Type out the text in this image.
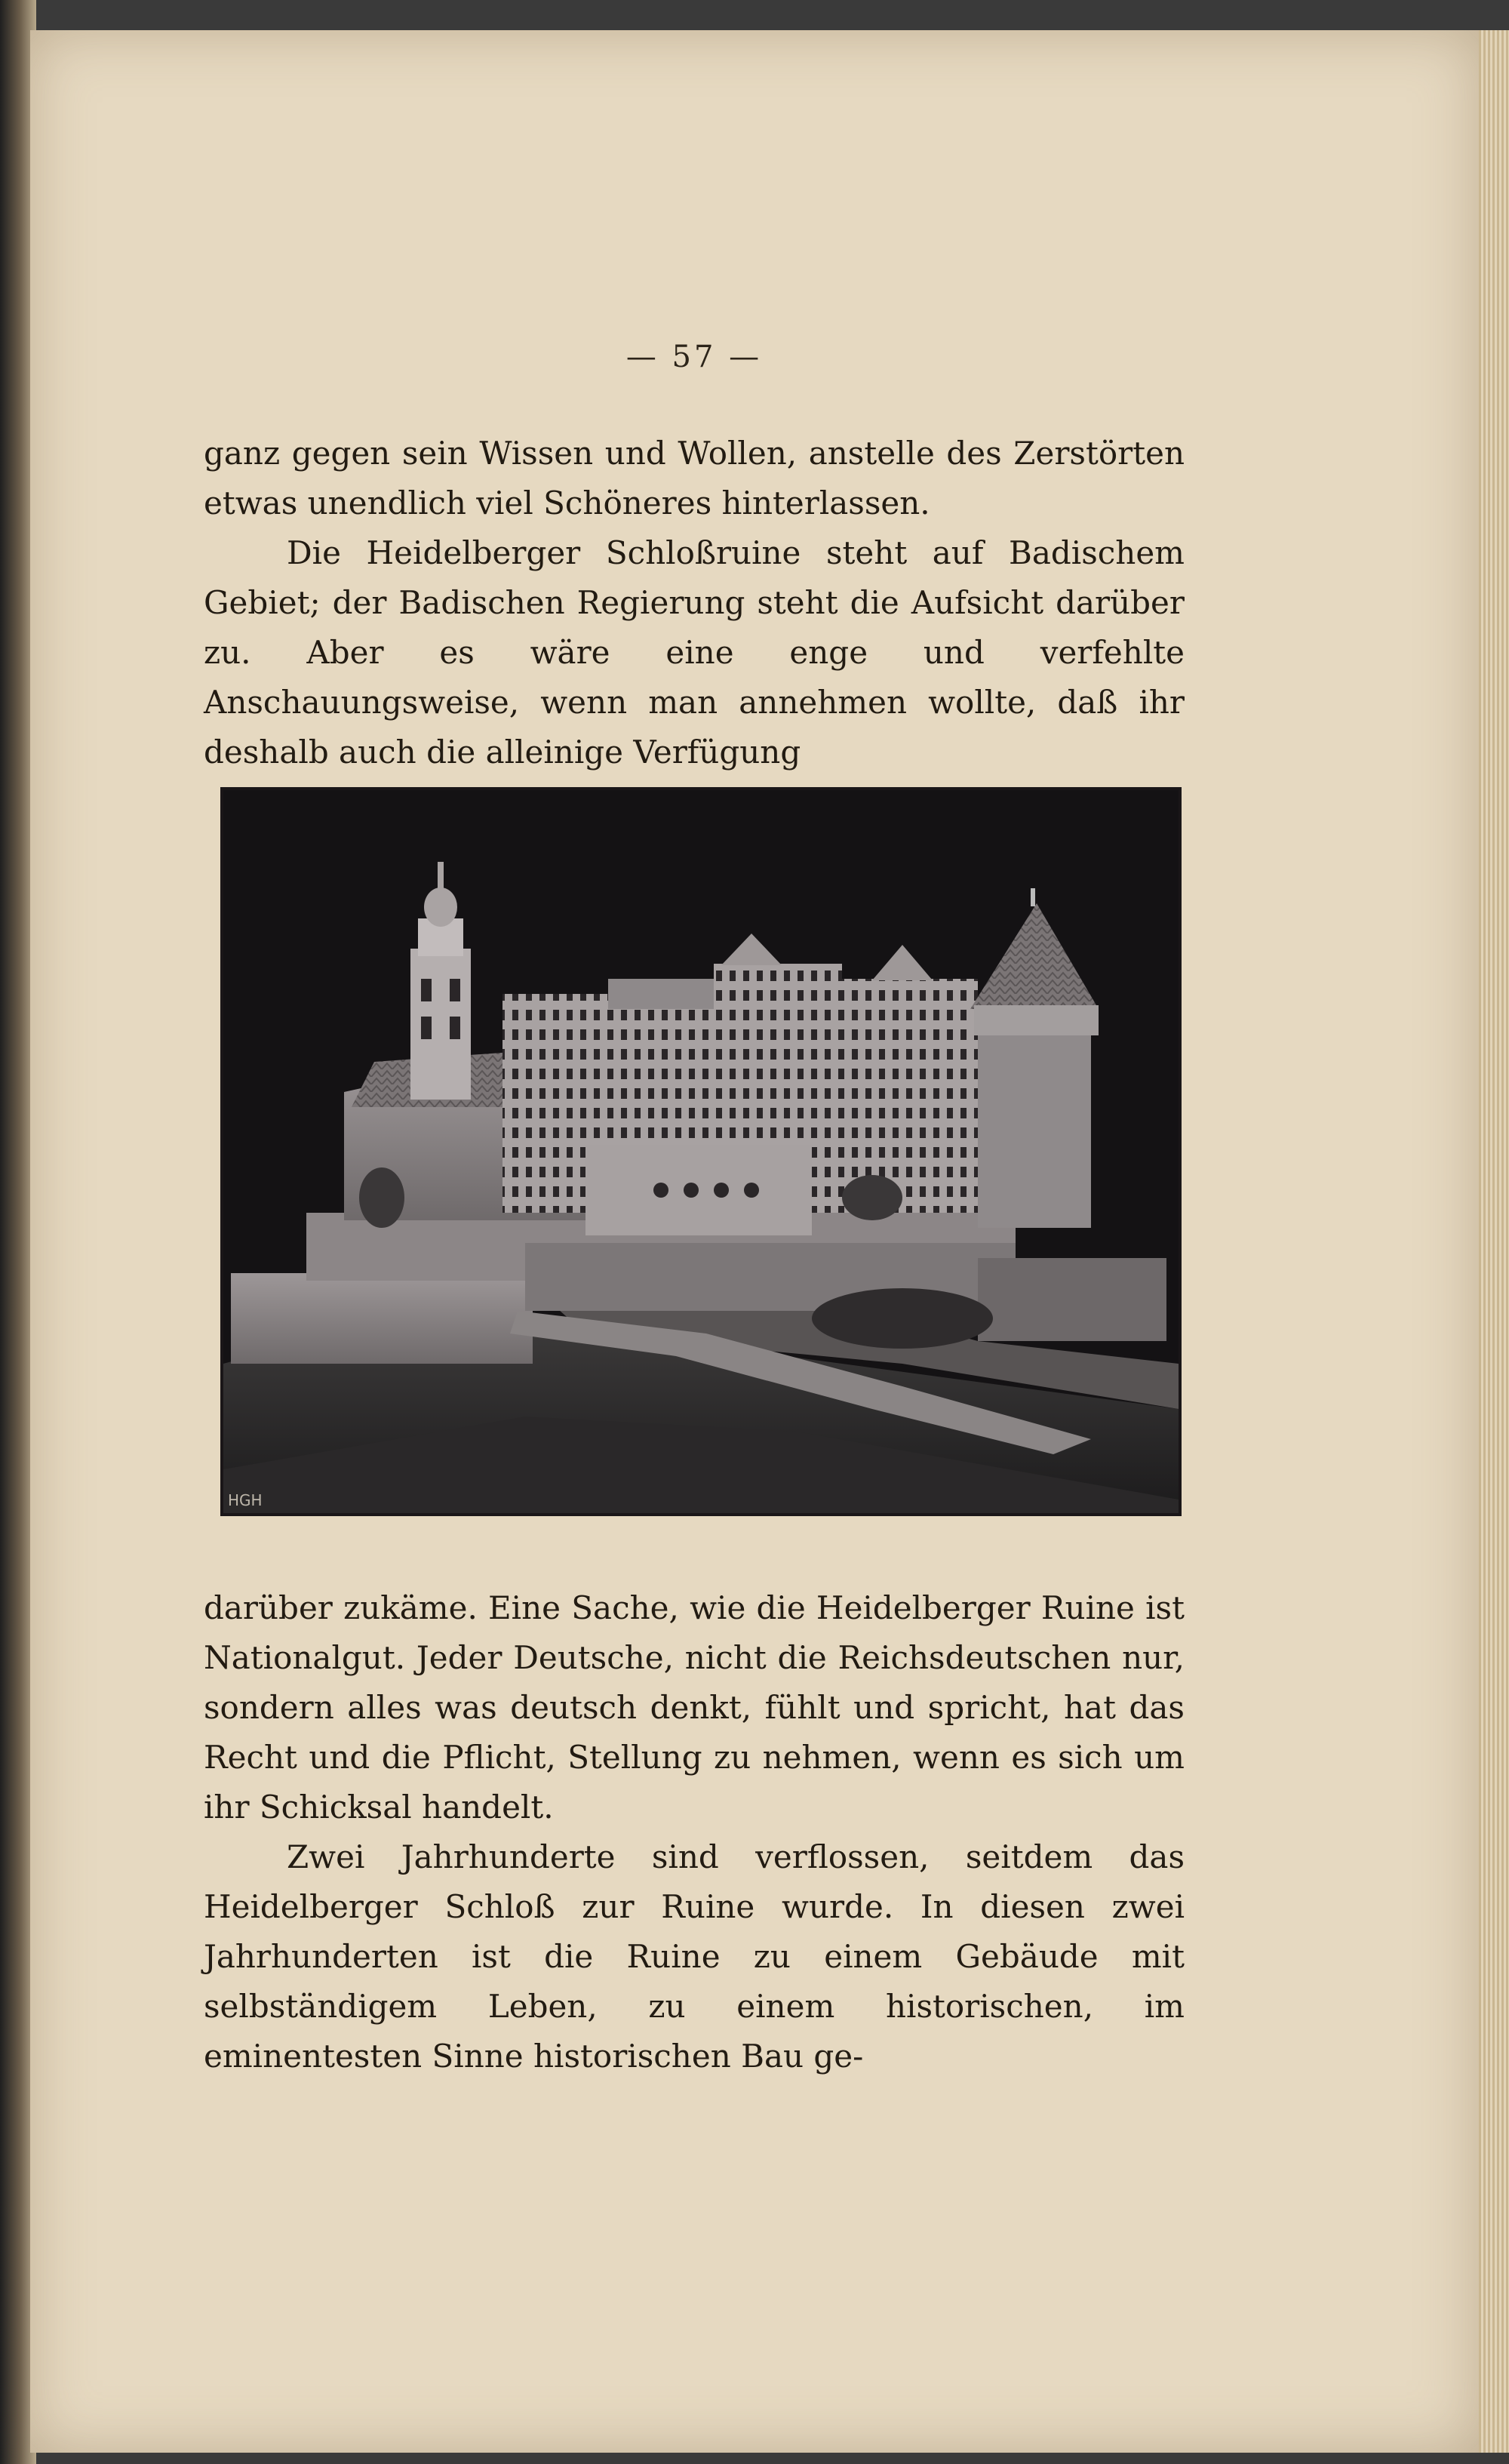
— 57 —

ganz gegen sein Wissen und Wollen, anstelle des Zerstörten etwas unendlich viel Schöneres hinterlassen.

Die Heidelberger Schloßruine steht auf Badischem Gebiet; der Badischen Regierung steht die Aufsicht darüber zu. Aber es wäre eine enge und verfehlte Anschauungsweise, wenn man annehmen wollte, daß ihr deshalb auch die alleinige Verfügung

HGH

darüber zukäme. Eine Sache, wie die Heidelberger Ruine ist Nationalgut. Jeder Deutsche, nicht die Reichsdeutschen nur, sondern alles was deutsch denkt, fühlt und spricht, hat das Recht und die Pflicht, Stellung zu nehmen, wenn es sich um ihr Schicksal handelt.

Zwei Jahrhunderte sind verflossen, seitdem das Heidelberger Schloß zur Ruine wurde. In diesen zwei Jahrhunderten ist die Ruine zu einem Gebäude mit selbständigem Leben, zu einem historischen, im eminentesten Sinne historischen Bau ge-
